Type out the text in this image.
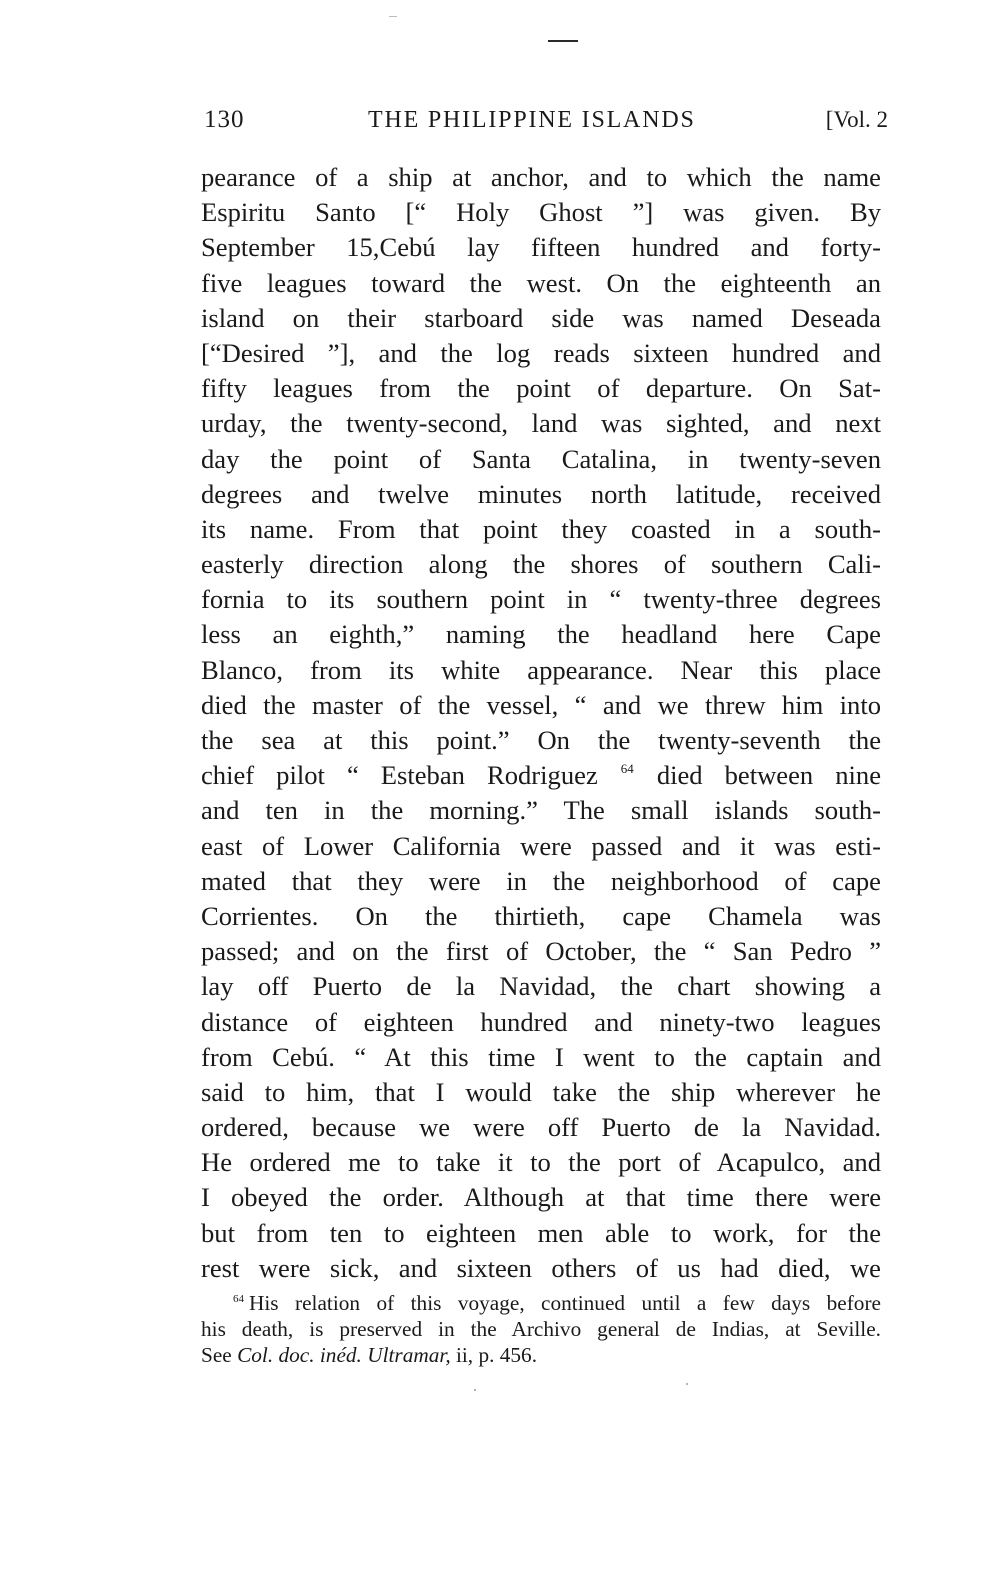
130	THE PHILIPPINE ISLANDS	[Vol. 2
pearance of a ship at anchor, and to which the name
Espiritu Santo [“ Holy Ghost ”] was given. By
September 15,Cebú lay fifteen hundred and forty-
five leagues toward the west. On the eighteenth an
island on their starboard side was named Deseada
[“Desired ”], and the log reads sixteen hundred and
fifty leagues from the point of departure. On Sat-
urday, the twenty-second, land was sighted, and next
day the point of Santa Catalina, in twenty-seven
degrees and twelve minutes north latitude, received
its name. From that point they coasted in a south-
easterly direction along the shores of southern Cali-
fornia to its southern point in “ twenty-three degrees
less an eighth,” naming the headland here Cape
Blanco, from its white appearance. Near this place
died the master of the vessel, “ and we threw him into
the sea at this point.” On the twenty-seventh the
chief pilot “ Esteban Rodriguez $^{64}$ died between nine
and ten in the morning.” The small islands south-
east of Lower California were passed and it was esti-
mated that they were in the neighborhood of cape
Corrientes. On the thirtieth, cape Chamela was
passed; and on the first of October, the “ San Pedro ”
lay off Puerto de la Navidad, the chart showing a
distance of eighteen hundred and ninety-two leagues
from Cebú. “ At this time I went to the captain and
said to him, that I would take the ship wherever he
ordered, because we were off Puerto de la Navidad.
He ordered me to take it to the port of Acapulco, and
I obeyed the order. Although at that time there were
but from ten to eighteen men able to work, for the
rest were sick, and sixteen others of us had died, we
$^{64}$ His relation of this voyage, continued until a few days before
his death, is preserved in the Archivo general de Indias, at Seville.
See Col. doc. inéd. Ultramar, ii, p. 456.
